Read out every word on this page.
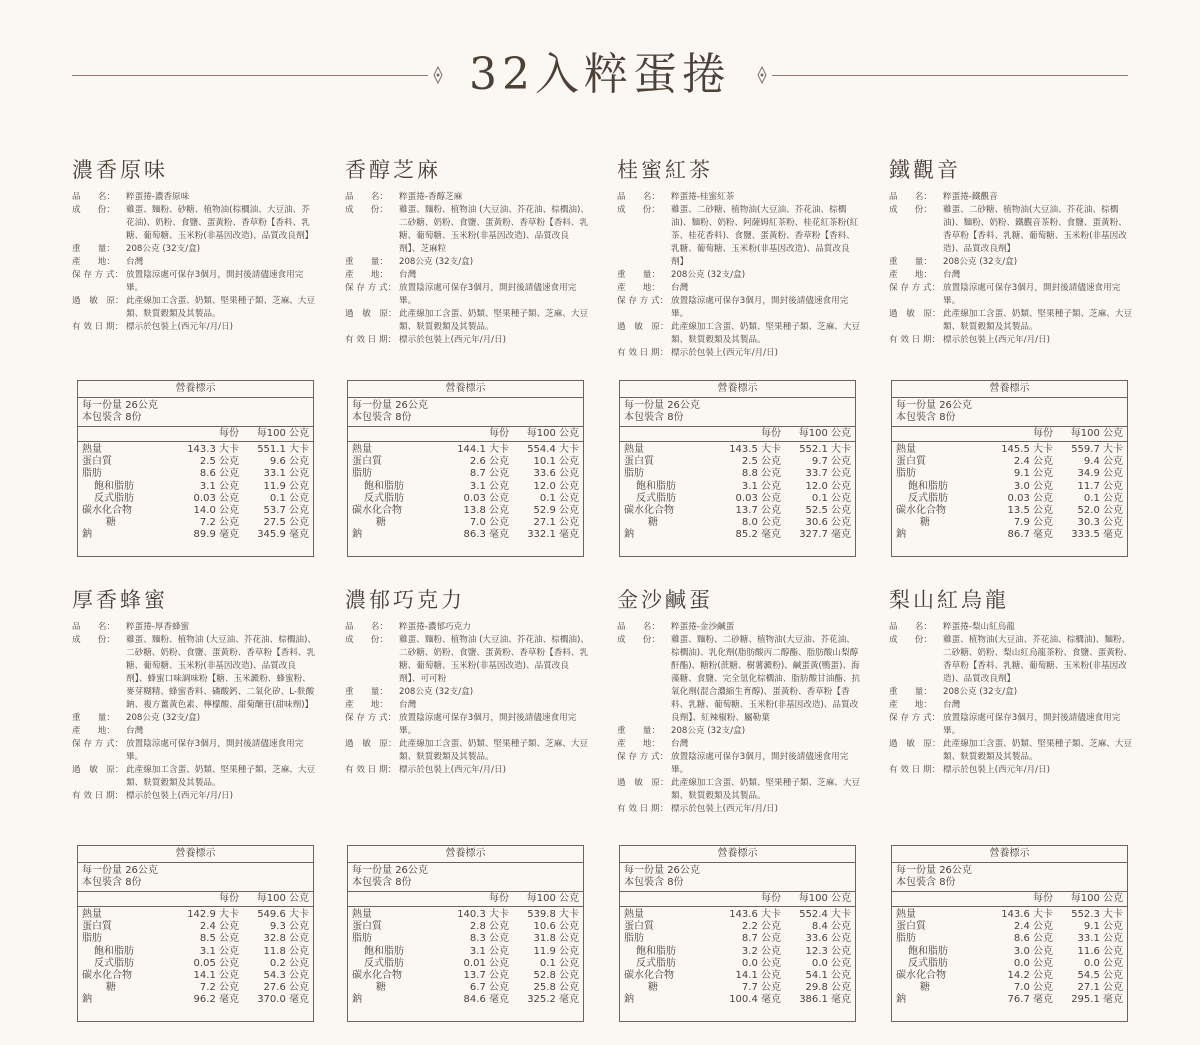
32入粹蛋捲
濃香原味
品　　名：	粹蛋捲-濃香原味
成　　份：	雞蛋、麵粉、砂糖、植物油(棕櫚油、大豆油、芥花油)、奶粉、食鹽、蛋黃粉、香草粉【香料、乳糖、葡萄糖、玉米粉(非基因改造)、品質改良劑】
重　　量：	208公克 (32支/盒)
產　　地：	台灣
保 存 方 式： 放置陰涼處可保存3個月，開封後請儘速食用完畢。
過　敏　原： 此產線加工含蛋、奶類、堅果種子類、芝麻、大豆類、麩質穀類及其製品。
有 效 日 期： 標示於包裝上(西元年/月/日)
營養標示
每一份量 26公克
本包裝含 8份
每份 每100 公克
熱量	143.3 大卡 551.1 大卡
蛋白質	2.5 公克	9.6 公克
脂肪	8.6 公克 33.1 公克
飽和脂肪	3.1 公克 11.9 公克
反式脂肪	0.03 公克	0.1 公克
碳水化合物	14.0 公克 53.7 公克
糖	7.2 公克 27.5 公克
鈉	89.9 毫克 345.9 毫克
香醇芝麻
品　　名：	粹蛋捲-香醇芝麻
成　　份：	雞蛋、麵粉、植物油 (大豆油、芥花油、棕櫚油)、二砂糖、奶粉、食鹽、蛋黃粉、香草粉【香料、乳糖、葡萄糖、玉米粉(非基因改造)、品質改良劑】、芝麻粒
重　　量：	208公克 (32支/盒)
產　　地：	台灣
保 存 方 式： 放置陰涼處可保存3個月，開封後請儘速食用完畢。
過　敏　原： 此產線加工含蛋、奶類、堅果種子類、芝麻、大豆類、麩質穀類及其製品。
有 效 日 期： 標示於包裝上(西元年/月/日)
營養標示
每一份量 26公克
本包裝含 8份
每份 每100 公克
熱量	144.1 大卡 554.4 大卡
蛋白質	2.6 公克 10.1 公克
脂肪	8.7 公克 33.6 公克
飽和脂肪	3.1 公克 12.0 公克
反式脂肪	0.03 公克	0.1 公克
碳水化合物	13.8 公克 52.9 公克
糖	7.0 公克 27.1 公克
鈉	86.3 毫克 332.1 毫克
桂蜜紅茶
品　　名：	粹蛋捲-桂蜜紅茶
成　　份：	雞蛋、二砂糖、植物油(大豆油、芥花油、棕櫚油)、麵粉、奶粉、阿薩姆紅茶粉、桂花紅茶粉(紅茶、桂花香料)、食鹽、蛋黃粉、香草粉【香料、乳糖、葡萄糖、玉米粉(非基因改造)、品質改良劑】
重　　量：	208公克 (32支/盒)
產　　地：	台灣
保 存 方 式： 放置陰涼處可保存3個月，開封後請儘速食用完畢。
過　敏　原： 此產線加工含蛋、奶類、堅果種子類、芝麻、大豆類、麩質穀類及其製品。
有 效 日 期： 標示於包裝上(西元年/月/日)
營養標示
每一份量 26公克
本包裝含 8份
每份 每100 公克
熱量	143.5 大卡 552.1 大卡
蛋白質	2.5 公克	9.7 公克
脂肪	8.8 公克 33.7 公克
飽和脂肪	3.1 公克 12.0 公克
反式脂肪	0.03 公克	0.1 公克
碳水化合物	13.7 公克 52.5 公克
糖	8.0 公克 30.6 公克
鈉	85.2 毫克 327.7 毫克
鐵觀音
品　　名：	粹蛋捲-鐵觀音
成　　份：	雞蛋、二砂糖、植物油(大豆油、芥花油、棕櫚油)、麵粉、奶粉、鐵觀音茶粉、食鹽、蛋黃粉、香草粉【香料、乳糖、葡萄糖、玉米粉(非基因改造)、品質改良劑】
重　　量：	208公克 (32支/盒)
產　　地：	台灣
保 存 方 式： 放置陰涼處可保存3個月，開封後請儘速食用完畢。
過　敏　原： 此產線加工含蛋、奶類、堅果種子類、芝麻、大豆類、麩質穀類及其製品。
有 效 日 期： 標示於包裝上(西元年/月/日)
營養標示
每一份量 26公克
本包裝含 8份
每份 每100 公克
熱量	145.5 大卡 559.7 大卡
蛋白質	2.4 公克	9.4 公克
脂肪	9.1 公克 34.9 公克
飽和脂肪	3.0 公克 11.7 公克
反式脂肪	0.03 公克	0.1 公克
碳水化合物	13.5 公克 52.0 公克
糖	7.9 公克 30.3 公克
鈉	86.7 毫克 333.5 毫克
厚香蜂蜜
品　　名：	粹蛋捲-厚香蜂蜜
成　　份：	雞蛋、麵粉、植物油 (大豆油、芥花油、棕櫚油)、二砂糖、奶粉、食鹽、蛋黃粉、香草粉【香料、乳糖、葡萄糖、玉米粉(非基因改造)、品質改良劑】、蜂蜜口味調味粉【糖、玉米澱粉、蜂蜜粉、麥芽糊精、蜂蜜香料、磷酸鈣、二氧化矽、L-麩酸鈉、複方薑黃色素、檸檬酸、甜菊醣苷(甜味劑)】
重　　量：	208公克 (32支/盒)
產　　地：	台灣
保 存 方 式： 放置陰涼處可保存3個月，開封後請儘速食用完畢。
過　敏　原： 此產線加工含蛋、奶類、堅果種子類、芝麻、大豆類、麩質穀類及其製品。
有 效 日 期： 標示於包裝上(西元年/月/日)
營養標示
每一份量 26公克
本包裝含 8份
每份 每100 公克
熱量	142.9 大卡 549.6 大卡
蛋白質	2.4 公克	9.3 公克
脂肪	8.5 公克 32.8 公克
飽和脂肪	3.1 公克 11.8 公克
反式脂肪	0.05 公克	0.2 公克
碳水化合物	14.1 公克 54.3 公克
糖	7.2 公克 27.6 公克
鈉	96.2 毫克 370.0 毫克
濃郁巧克力
品　　名：	粹蛋捲-濃郁巧克力
成　　份：	雞蛋、麵粉、植物油 (大豆油、芥花油、棕櫚油)、二砂糖、奶粉、食鹽、蛋黃粉、香草粉【香料、乳糖、葡萄糖、玉米粉(非基因改造)、品質改良劑】、可可粉
重　　量：	208公克 (32支/盒)
產　　地：	台灣
保 存 方 式： 放置陰涼處可保存3個月，開封後請儘速食用完畢。
過　敏　原： 此產線加工含蛋、奶類、堅果種子類、芝麻、大豆類、麩質穀類及其製品。
有 效 日 期： 標示於包裝上(西元年/月/日)
營養標示
每一份量 26公克
本包裝含 8份
每份 每100 公克
熱量	140.3 大卡 539.8 大卡
蛋白質	2.8 公克 10.6 公克
脂肪	8.3 公克 31.8 公克
飽和脂肪	3.1 公克 11.9 公克
反式脂肪	0.01 公克	0.1 公克
碳水化合物	13.7 公克 52.8 公克
糖	6.7 公克 25.8 公克
鈉	84.6 毫克 325.2 毫克
金沙鹹蛋
品　　名：	粹蛋捲-金沙鹹蛋
成　　份：	雞蛋、麵粉、二砂糖、植物油(大豆油、芥花油、棕櫚油)、乳化劑(脂肪酸丙二醇酯、脂肪酸山梨醇酐酯)、糖粉(蔗糖、樹薯澱粉)、鹹蛋黃(鴨蛋)、海藻糖、食鹽、完全氫化棕櫚油、脂肪酸甘油酯、抗氧化劑(混合濃縮生育醇)、蛋黃粉、香草粉【香料、乳糖、葡萄糖、玉米粉(非基因改造)、品質改良劑】、紅辣椒粉、屬勒葉
重　　量：	208公克 (32支/盒)
產　　地：	台灣
保 存 方 式： 放置陰涼處可保存3個月，開封後請儘速食用完畢。
過　敏　原： 此產線加工含蛋、奶類、堅果種子類、芝麻、大豆類、麩質穀類及其製品。
有 效 日 期： 標示於包裝上(西元年/月/日)
營養標示
每一份量 26公克
本包裝含 8份
每份 每100 公克
熱量	143.6 大卡 552.4 大卡
蛋白質	2.2 公克	8.4 公克
脂肪	8.7 公克 33.6 公克
飽和脂肪	3.2 公克 12.3 公克
反式脂肪	0.0 公克	0.0 公克
碳水化合物	14.1 公克 54.1 公克
糖	7.7 公克 29.8 公克
鈉	100.4 毫克 386.1 毫克
梨山紅烏龍
品　　名：	粹蛋捲-梨山紅烏龍
成　　份：	雞蛋、植物油(大豆油、芥花油、棕櫚油)、麵粉、二砂糖、奶粉、梨山紅烏龍茶粉、食鹽、蛋黃粉、香草粉【香料、乳糖、葡萄糖、玉米粉(非基因改造)、品質改良劑】
重　　量：	208公克 (32支/盒)
產　　地：	台灣
保 存 方 式： 放置陰涼處可保存3個月，開封後請儘速食用完畢。
過　敏　原： 此產線加工含蛋、奶類、堅果種子類、芝麻、大豆類、麩質穀類及其製品。
有 效 日 期： 標示於包裝上(西元年/月/日)
營養標示
每一份量 26公克
本包裝含 8份
每份 每100 公克
熱量	143.6 大卡 552.3 大卡
蛋白質	2.4 公克	9.1 公克
脂肪	8.6 公克 33.1 公克
飽和脂肪	3.0 公克 11.6 公克
反式脂肪	0.0 公克	0.0 公克
碳水化合物	14.2 公克 54.5 公克
糖	7.0 公克 27.1 公克
鈉	76.7 毫克 295.1 毫克
